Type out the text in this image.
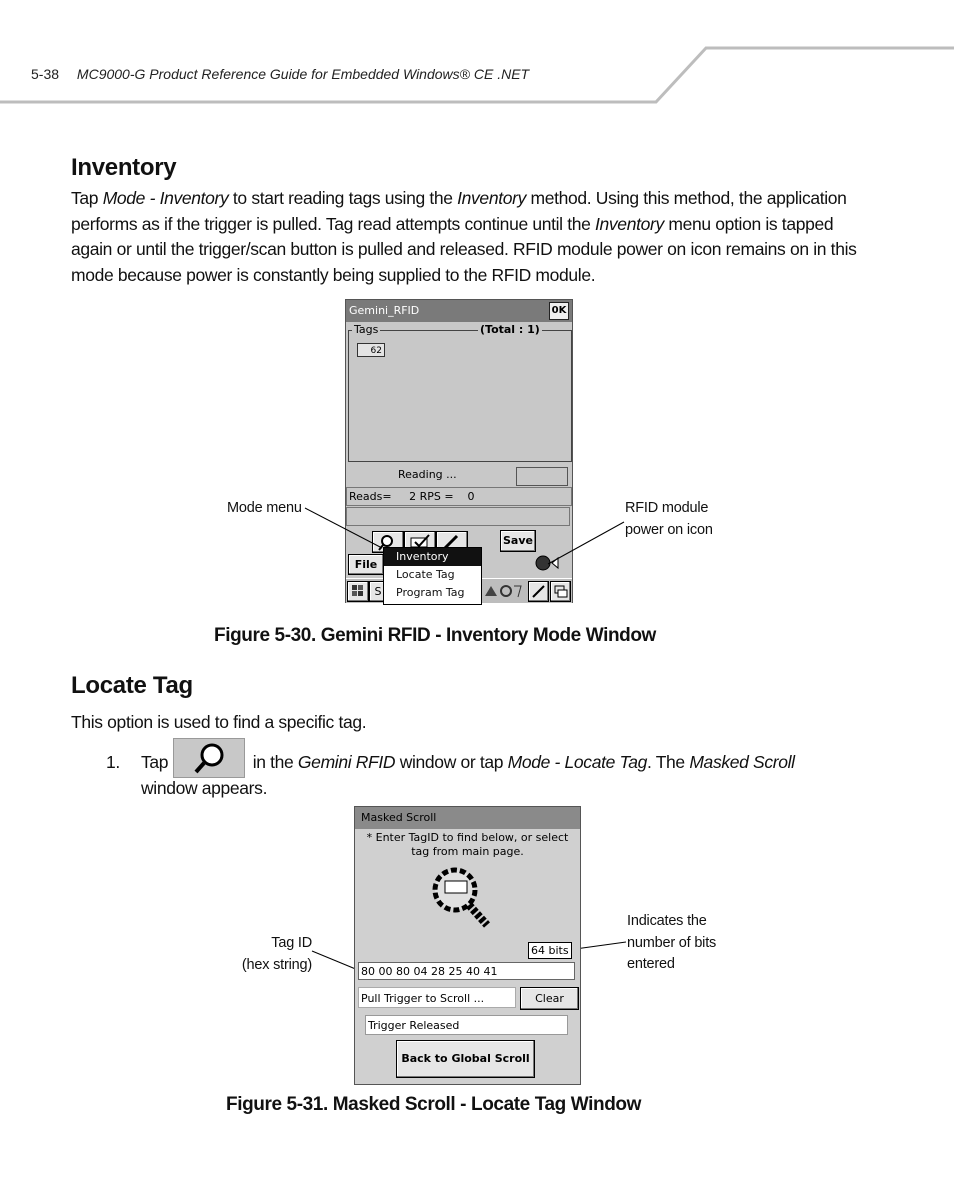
5-38 MC9000-G Product Reference Guide for Embedded Windows® CE .NET
Inventory
Tap Mode - Inventory to start reading tags using the Inventory method. Using this method, the application performs as if the trigger is pulled. Tag read attempts continue until the Inventory menu option is tapped again or until the trigger/scan button is pulled and released. RFID module power on icon remains on in this mode because power is constantly being supplied to the RFID module.
Gemini_RFID	0K
62
Tags	(Total : 1)
Reading ...
Reads=     2 RPS =    0
Save
File
S
Inventory
Locate Tag
Program Tag
Mode menu	RFID module
power on icon
Figure 5-30. Gemini RFID - Inventory Mode Window
Locate Tag
This option is used to find a specific tag.
1. Tap	in the Gemini RFID window or tap Mode - Locate Tag. The Masked Scroll
window appears.
Masked Scroll
* Enter TagID to find below, or select
tag from main page.
64 bits
80 00 80 04 28 25 40 41
Pull Trigger to Scroll ...	Clear
Trigger Released
Back to Global Scroll
Tag ID
(hex string)
Indicates the
number of bits
entered
Figure 5-31. Masked Scroll - Locate Tag Window
